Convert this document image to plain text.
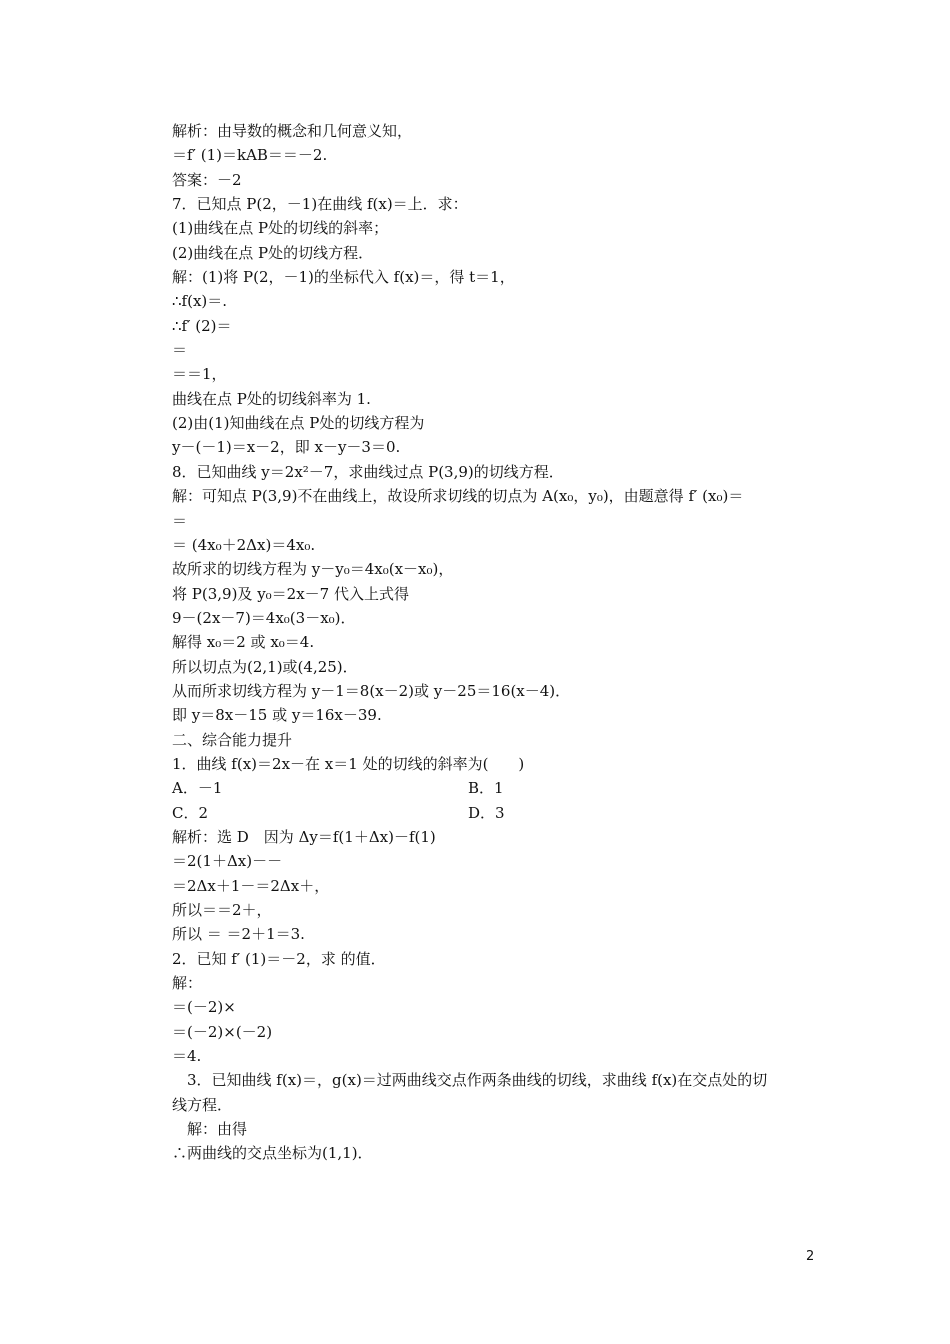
解析：由导数的概念和几何意义知，
＝f′ (1)＝kAB＝＝－2.
答案：－2
7．已知点 P(2，－1)在曲线 f(x)＝上．求：
(1)曲线在点 P处的切线的斜率；
(2)曲线在点 P处的切线方程．
解：(1)将 P(2，－1)的坐标代入 f(x)＝，得 t＝1，
∴f(x)＝.
∴f′ (2)＝
＝
＝＝1，
曲线在点 P处的切线斜率为 1.
(2)由(1)知曲线在点 P处的切线方程为
y－(－1)＝x－2，即 x－y－3＝0.
8．已知曲线 y＝2x²－7，求曲线过点 P(3,9)的切线方程．
解：可知点 P(3,9)不在曲线上，故设所求切线的切点为 A(x₀，y₀)，由题意得 f′ (x₀)＝
＝
＝ (4x₀＋2Δx)＝4x₀.
故所求的切线方程为 y－y₀＝4x₀(x－x₀)，
将 P(3,9)及 y₀＝2x－7 代入上式得
9－(2x－7)＝4x₀(3－x₀)．
解得 x₀＝2 或 x₀＝4.
所以切点为(2,1)或(4,25)．
从而所求切线方程为 y－1＝8(x－2)或 y－25＝16(x－4)．
即 y＝8x－15 或 y＝16x－39.
二、综合能力提升
1．曲线 f(x)＝2x－在 x＝1 处的切线的斜率为(　　)
A．－1	B．1
C．2	D．3
解析：选 D　因为 Δy＝f(1＋Δx)－f(1)
＝2(1＋Δx)－－
＝2Δx＋1－＝2Δx＋，
所以＝＝2＋，
所以 ＝ ＝2＋1＝3.
2．已知 f′ (1)＝－2，求 的值．
解：
＝(－2)×
＝(－2)×(－2)
＝4.
　3．已知曲线 f(x)＝，g(x)＝过两曲线交点作两条曲线的切线，求曲线 f(x)在交点处的切
线方程．
　解：由得
∴两曲线的交点坐标为(1,1)．
2
